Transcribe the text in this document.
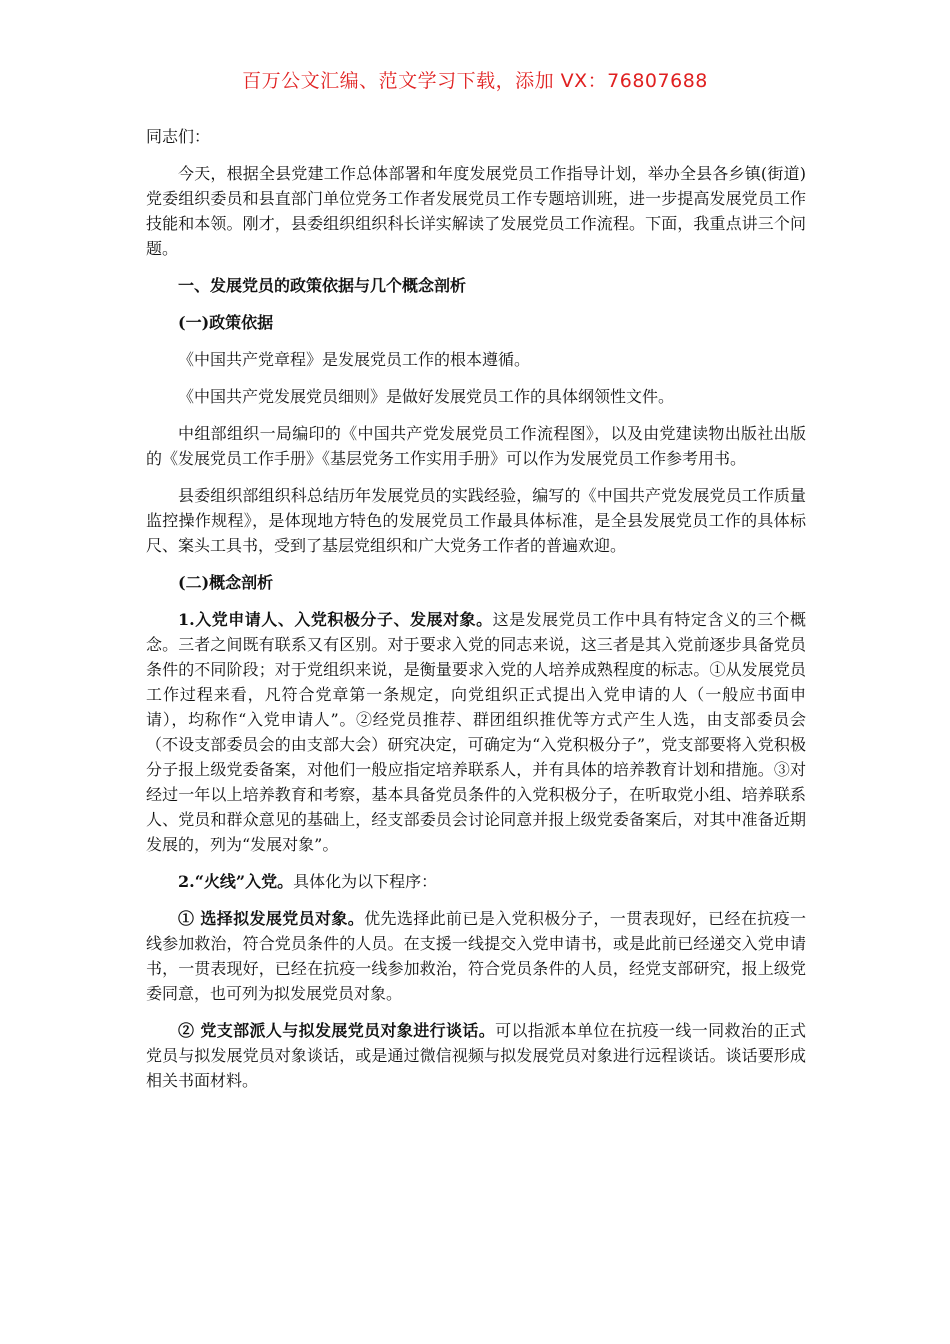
百万公文汇编、范文学习下载，添加 VX：76807688

同志们：

今天，根据全县党建工作总体部署和年度发展党员工作指导计划，举办全县各乡镇(街道)党委组织委员和县直部门单位党务工作者发展党员工作专题培训班，进一步提高发展党员工作技能和本领。刚才，县委组织组织科长详实解读了发展党员工作流程。下面，我重点讲三个问题。

一、发展党员的政策依据与几个概念剖析
(一)政策依据

《中国共产党章程》是发展党员工作的根本遵循。

《中国共产党发展党员细则》是做好发展党员工作的具体纲领性文件。

中组部组织一局编印的《中国共产党发展党员工作流程图》，以及由党建读物出版社出版的《发展党员工作手册》《基层党务工作实用手册》可以作为发展党员工作参考用书。

县委组织部组织科总结历年发展党员的实践经验，编写的《中国共产党发展党员工作质量监控操作规程》，是体现地方特色的发展党员工作最具体标准，是全县发展党员工作的具体标尺、案头工具书，受到了基层党组织和广大党务工作者的普遍欢迎。

(二)概念剖析

1.入党申请人、入党积极分子、发展对象。这是发展党员工作中具有特定含义的三个概念。三者之间既有联系又有区别。对于要求入党的同志来说，这三者是其入党前逐步具备党员条件的不同阶段；对于党组织来说，是衡量要求入党的人培养成熟程度的标志。①从发展党员工作过程来看，凡符合党章第一条规定，向党组织正式提出入党申请的人（一般应书面申请），均称作“入党申请人”。②经党员推荐、群团组织推优等方式产生人选，由支部委员会（不设支部委员会的由支部大会）研究决定，可确定为“入党积极分子”，党支部要将入党积极分子报上级党委备案，对他们一般应指定培养联系人，并有具体的培养教育计划和措施。③对经过一年以上培养教育和考察，基本具备党员条件的入党积极分子，在听取党小组、培养联系人、党员和群众意见的基础上，经支部委员会讨论同意并报上级党委备案后，对其中准备近期发展的，列为“发展对象”。

2.“火线”入党。具体化为以下程序：

① 选择拟发展党员对象。优先选择此前已是入党积极分子，一贯表现好，已经在抗疫一线参加救治，符合党员条件的人员。在支援一线提交入党申请书，或是此前已经递交入党申请书，一贯表现好，已经在抗疫一线参加救治，符合党员条件的人员，经党支部研究，报上级党委同意，也可列为拟发展党员对象。

② 党支部派人与拟发展党员对象进行谈话。可以指派本单位在抗疫一线一同救治的正式党员与拟发展党员对象谈话，或是通过微信视频与拟发展党员对象进行远程谈话。谈话要形成相关书面材料。
